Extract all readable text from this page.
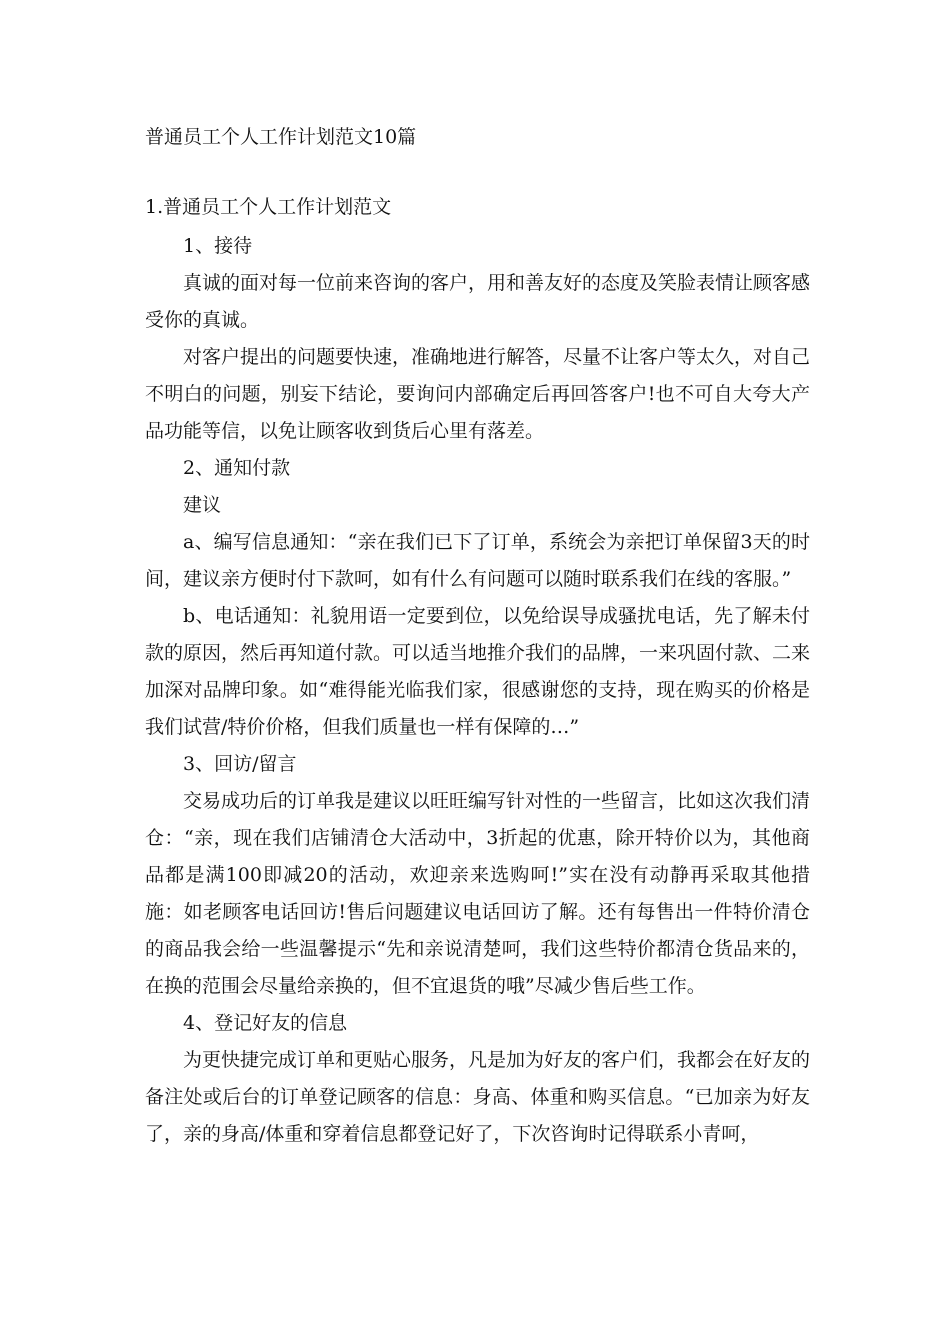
普通员工个人工作计划范文10篇
1.普通员工个人工作计划范文
1、接待

真诚的面对每一位前来咨询的客户，用和善友好的态度及笑脸表情让顾客感受你的真诚。

对客户提出的问题要快速，准确地进行解答，尽量不让客户等太久，对自己不明白的问题，别妄下结论，要询问内部确定后再回答客户!也不可自大夸大产品功能等信，以免让顾客收到货后心里有落差。

2、通知付款
建议

a、编写信息通知：“亲在我们已下了订单，系统会为亲把订单保留3天的时间，建议亲方便时付下款呵，如有什么有问题可以随时联系我们在线的客服。”

b、电话通知：礼貌用语一定要到位，以免给误导成骚扰电话，先了解未付款的原因，然后再知道付款。可以适当地推介我们的品牌，一来巩固付款、二来加深对品牌印象。如“难得能光临我们家，很感谢您的支持，现在购买的价格是我们试营/特价价格，但我们质量也一样有保障的…”

3、回访/留言

交易成功后的订单我是建议以旺旺编写针对性的一些留言，比如这次我们清仓：“亲，现在我们店铺清仓大活动中，3折起的优惠，除开特价以为，其他商品都是满100即减20的活动，欢迎亲来选购呵!”实在没有动静再采取其他措施：如老顾客电话回访!售后问题建议电话回访了解。还有每售出一件特价清仓的商品我会给一些温馨提示“先和亲说清楚呵，我们这些特价都清仓货品来的，在换的范围会尽量给亲换的，但不宜退货的哦”尽减少售后些工作。

4、登记好友的信息

为更快捷完成订单和更贴心服务，凡是加为好友的客户们，我都会在好友的备注处或后台的订单登记顾客的信息：身高、体重和购买信息。“已加亲为好友了，亲的身高/体重和穿着信息都登记好了，下次咨询时记得联系小青呵，
